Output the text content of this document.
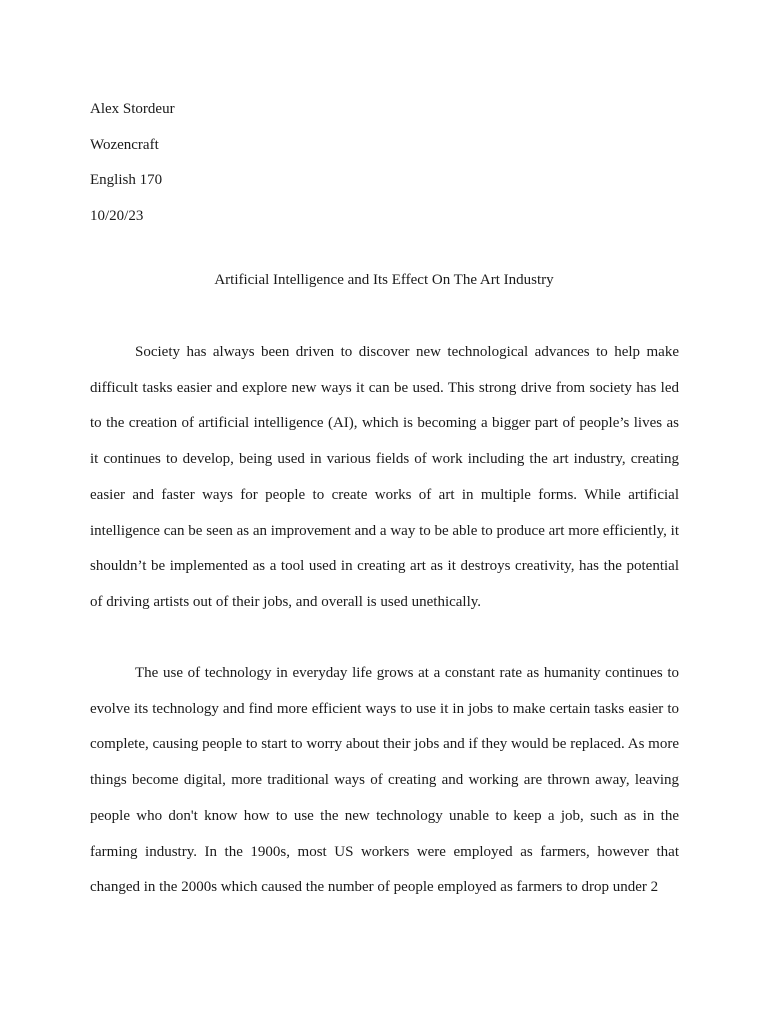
Alex Stordeur
Wozencraft
English 170
10/20/23
Artificial Intelligence and Its Effect On The Art Industry

Society has always been driven to discover new technological advances to help make difficult tasks easier and explore new ways it can be used. This strong drive from society has led to the creation of artificial intelligence (AI), which is becoming a bigger part of people’s lives as it continues to develop, being used in various fields of work including the art industry, creating easier and faster ways for people to create works of art in multiple forms. While artificial intelligence can be seen as an improvement and a way to be able to produce art more efficiently, it shouldn’t be implemented as a tool used in creating art as it destroys creativity, has the potential of driving artists out of their jobs, and overall is used unethically.

The use of technology in everyday life grows at a constant rate as humanity continues to evolve its technology and find more efficient ways to use it in jobs to make certain tasks easier to complete, causing people to start to worry about their jobs and if they would be replaced. As more things become digital, more traditional ways of creating and working are thrown away, leaving people who don't know how to use the new technology unable to keep a job, such as in the farming industry. In the 1900s, most US workers were employed as farmers, however that changed in the 2000s which caused the number of people employed as farmers to drop under 2
